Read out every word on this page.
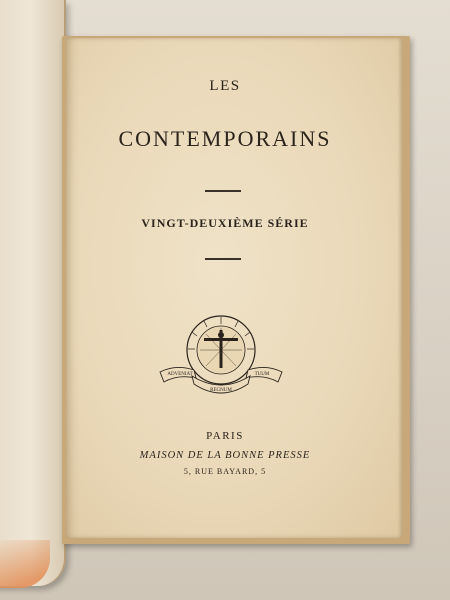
LES
CONTEMPORAINS
VINGT-DEUXIÈME SÉRIE
ADVENIAT	TUUM
REGNUM
PARIS
MAISON DE LA BONNE PRESSE
5, RUE BAYARD, 5
